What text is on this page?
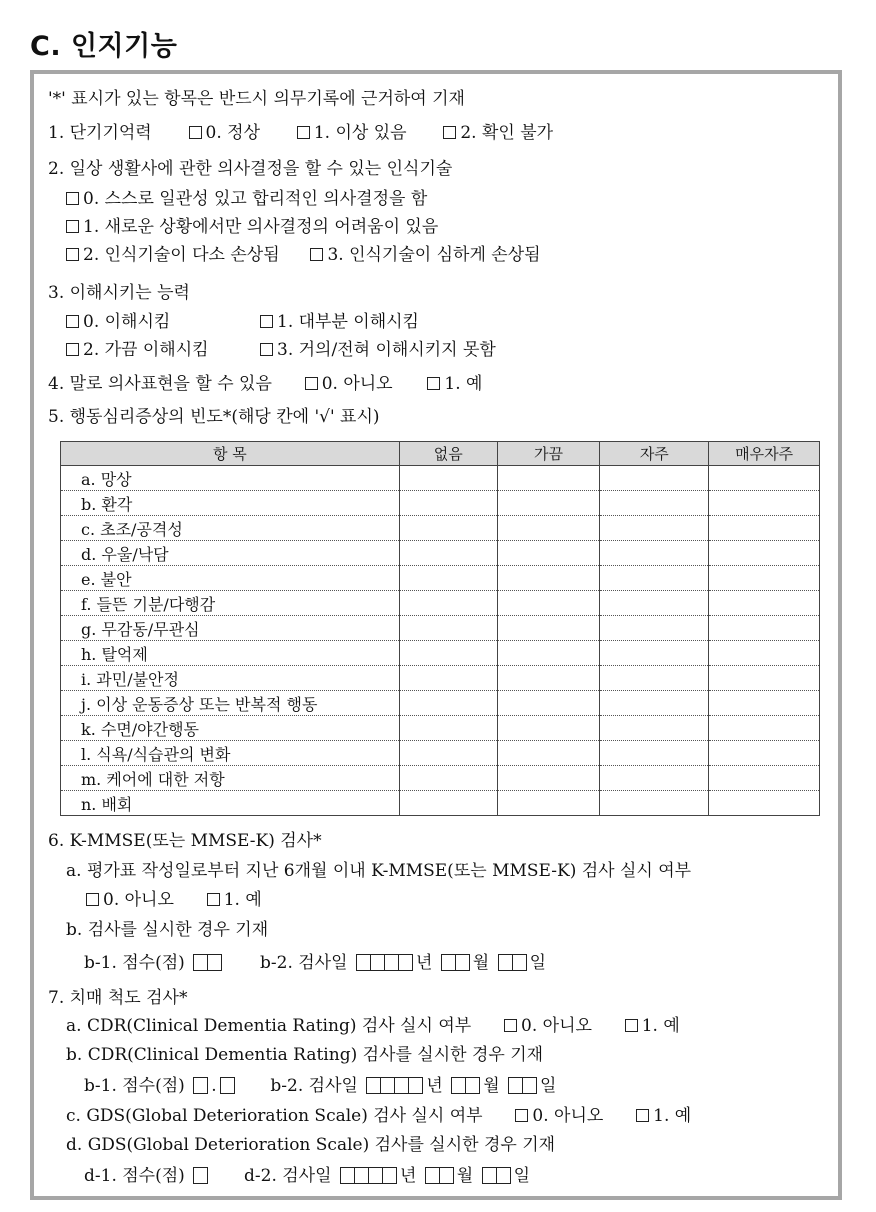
C. 인지기능
'*' 표시가 있는 항목은 반드시 의무기록에 근거하여 기재
1. 단기기억력	0. 정상	1. 이상 있음	2. 확인 불가
2. 일상 생활사에 관한 의사결정을 할 수 있는 인식기술
0. 스스로 일관성 있고 합리적인 의사결정을 함
1. 새로운 상황에서만 의사결정의 어려움이 있음
2. 인식기술이 다소 손상됨	3. 인식기술이 심하게 손상됨
3. 이해시키는 능력
0. 이해시킴	1. 대부분 이해시킴
2. 가끔 이해시킴	3. 거의/전혀 이해시키지 못함
4. 말로 의사표현을 할 수 있음	0. 아니오	1. 예
5. 행동심리증상의 빈도*(해당 칸에 '√' 표시)
항 목	없음	가끔	자주	매우자주
a. 망상				
b. 환각				
c. 초조/공격성				
d. 우울/낙담				
e. 불안				
f. 들뜬 기분/다행감				
g. 무감동/무관심				
h. 탈억제				
i. 과민/불안정				
j. 이상 운동증상 또는 반복적 행동				
k. 수면/야간행동				
l. 식욕/식습관의 변화				
m. 케어에 대한 저항				
n. 배회				
6. K-MMSE(또는 MMSE-K) 검사*
a. 평가표 작성일로부터 지난 6개월 이내 K-MMSE(또는 MMSE-K) 검사 실시 여부
0. 아니오	1. 예
b. 검사를 실시한 경우 기재
b-1. 점수(점)	b-2. 검사일	년 월 일
7. 치매 척도 검사*
a. CDR(Clinical Dementia Rating) 검사 실시 여부	0. 아니오	1. 예
b. CDR(Clinical Dementia Rating) 검사를 실시한 경우 기재
b-1. 점수(점) .	b-2. 검사일	년 월 일
c. GDS(Global Deterioration Scale) 검사 실시 여부	0. 아니오	1. 예
d. GDS(Global Deterioration Scale) 검사를 실시한 경우 기재
d-1. 점수(점)	d-2. 검사일	년 월 일
